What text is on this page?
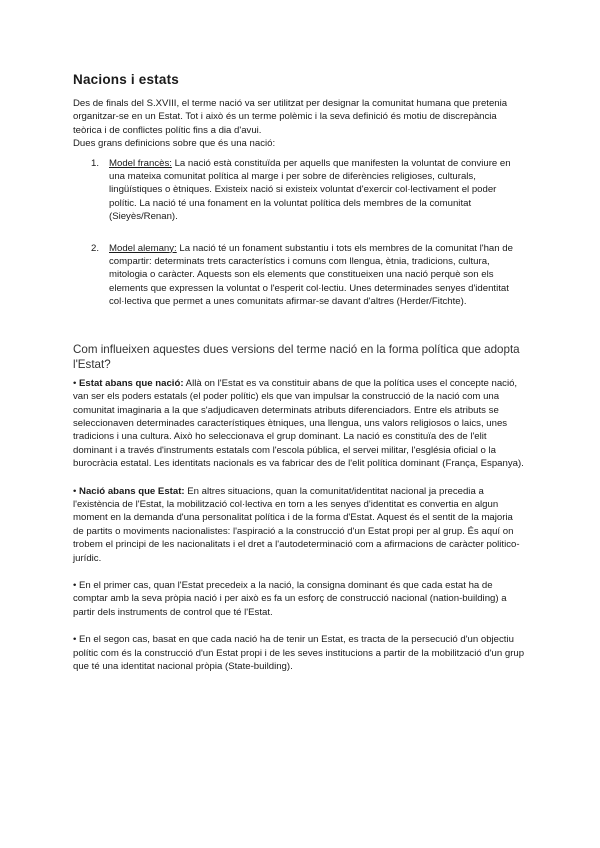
Nacions i estats

Des de finals del S.XVIII, el terme nació va ser utilitzat per designar la comunitat humana que pretenia organitzar-se en un Estat. Tot i això és un terme polèmic i la seva definició és motiu de discrepància teòrica i de conflictes polític fins a dia d'avui.

Dues grans definicions sobre que és una nació:

1. Model francès: La nació està constituïda per aquells que manifesten la voluntat de conviure en una mateixa comunitat política al marge i per sobre de diferències religioses, culturals, lingüístiques o ètniques. Existeix nació si existeix voluntat d'exercir col·lectivament el poder polític. La nació té una fonament en la voluntat política dels membres de la comunitat (Sieyès/Renan).
2. Model alemany: La nació té un fonament substantiu i tots els membres de la comunitat l'han de compartir: determinats trets característics i comuns com llengua, ètnia, tradicions, cultura, mitologia o caràcter. Aquests son els elements que constitueixen una nació perquè son els elements que expressen la voluntat o l'esperit col·lectiu. Unes determinades senyes d'identitat col·lectiva que permet a unes comunitats afirmar-se davant d'altres (Herder/Fitchte).
Com influeixen aquestes dues versions del terme nació en la forma política que adopta l'Estat?

• Estat abans que nació: Allà on l'Estat es va constituir abans de que la política uses el concepte nació, van ser els poders estatals (el poder polític) els que van impulsar la construcció de la nació com una comunitat imaginaria a la que s'adjudicaven determinats atributs diferenciadors. Entre els atributs se seleccionaven determinades característiques ètniques, una llengua, uns valors religiosos o laics, unes tradicions i una cultura. Això ho seleccionava el grup dominant. La nació es constituïa des de l'elit dominant i a través d'instruments estatals com l'escola pública, el servei militar, l'església oficial o la burocràcia estatal. Les identitats nacionals es va fabricar des de l'elit política dominant (França, Espanya).

• Nació abans que Estat: En altres situacions, quan la comunitat/identitat nacional ja precedia a l'existència de l'Estat, la mobilització col·lectiva en torn a les senyes d'identitat es convertia en algun moment en la demanda d'una personalitat política i de la forma d'Estat. Aquest és el sentit de la majoria de partits o moviments nacionalistes: l'aspiració a la construcció d'un Estat propi per al grup. És aquí on trobem el principi de les nacionalitats i el dret a l'autodeterminació com a afirmacions de caràcter politico-jurídic.

• En el primer cas, quan l'Estat precedeix a la nació, la consigna dominant és que cada estat ha de comptar amb la seva pròpia nació i per això es fa un esforç de construcció nacional (nation-building) a partir dels instruments de control que té l'Estat.

• En el segon cas, basat en que cada nació ha de tenir un Estat, es tracta de la persecució d'un objectiu polític com és la construcció d'un Estat propi i de les seves institucions a partir de la mobilització d'un grup que té una identitat nacional pròpia (State-building).
